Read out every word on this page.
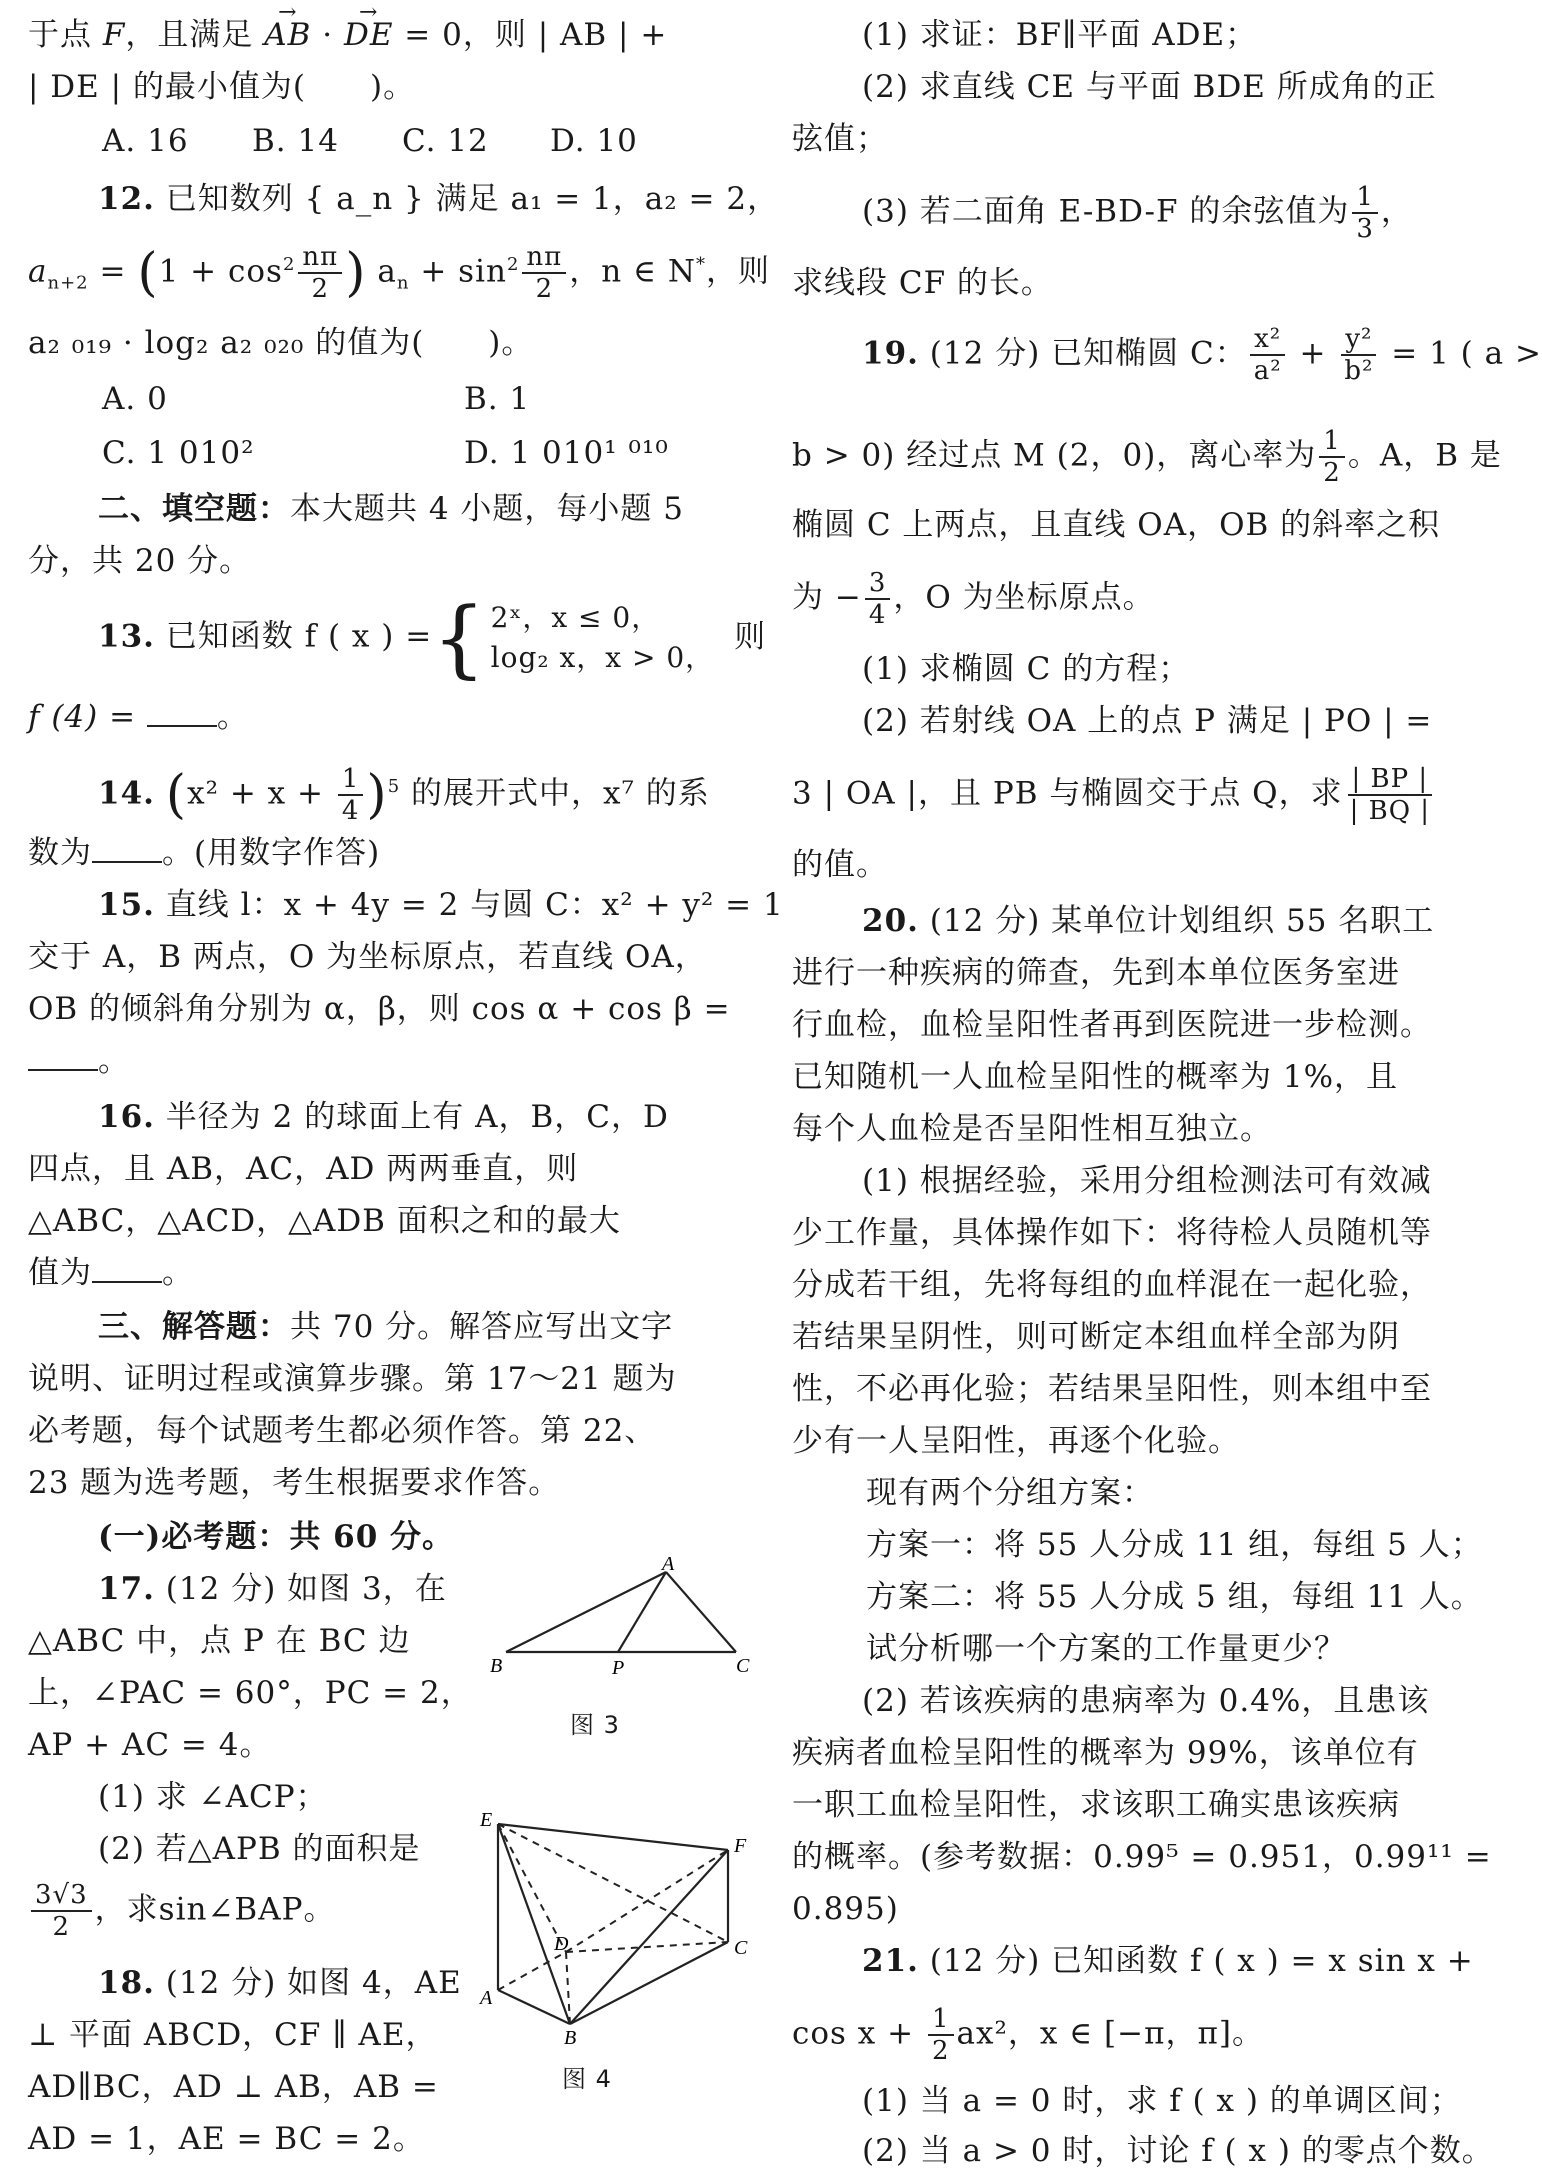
于点 F，且满足 → AB · → DE = 0，则 | AB | +
| DE | 的最小值为(　　)。
A. 16 B. 14 C. 12 D. 10
12. 已知数列 { a_n } 满足 a₁ = 1，a₂ = 2，
$a_{n+2} = (1 + \cos^2 \frac{n\pi}{2}$ ) $a_n + \sin^2 \frac{n\pi}{2}$ ，n ∈ N*，则
a₂ ₀₁₉ · log₂ a₂ ₀₂₀ 的值为(　　)。
A. 0	B. 1
C. 1 010²	D. 1 010¹ ⁰¹⁰
二、填空题：本大题共 4 小题，每小题 5
分，共 20 分。
13. 已知函数 f ( x ) = { 2ˣ，x ≤ 0，
log₂ x，x > 0，
则
f (4) = 。
14. $(x^2 + x + \frac{1}{4} )^5$ 的展开式中，x⁷ 的系
数为 。(用数字作答)
15. 直线 l：x + 4y = 2 与圆 C：x² + y² = 1
交于 A，B 两点，O 为坐标原点，若直线 OA，
OB 的倾斜角分别为 α，β，则 cos α + cos β =
。
16. 半径为 2 的球面上有 A，B，C，D
四点，且 AB，AC，AD 两两垂直，则
△ABC，△ACD，△ADB 面积之和的最大
值为 。
三、解答题：共 70 分。解答应写出文字
说明、证明过程或演算步骤。第 17～21 题为
必考题，每个试题考生都必须作答。第 22、
23 题为选考题，考生根据要求作答。
(一)必考题：共 60 分。
17. (12 分) 如图 3，在
△ABC 中，点 P 在 BC 边
上，∠PAC = 60°，PC = 2，
AP + AC = 4。
(1) 求 ∠ACP；
(2) 若△APB 的面积是
$\frac{3√3}{2}$ ，求sin∠BAP。
18. (12 分) 如图 4，AE
⊥ 平面 ABCD，CF ∥ AE，
AD∥BC，AD ⊥ AB，AB =
AD = 1，AE = BC = 2。
A
B	P	C
图 3
E
F
D	C
A
B
图 4
(1) 求证：BF∥平面 ADE；
(2) 求直线 CE 与平面 BDE 所成角的正
弦值；
(3) 若二面角 E-BD-F 的余弦值为 $\frac{1}{3}$ ，
求线段 CF 的长。
19. (12 分) 已知椭圆 C： $\frac{\text{x²}}{\text{a²}} + \frac{\text{y²}}{\text{b²}} = 1$ ( a >
b > 0) 经过点 M (2，0)，离心率为 $\frac{1}{2}$ 。A，B 是
椭圆 C 上两点，且直线 OA，OB 的斜率之积
为 − $\frac{3}{4}$ ，O 为坐标原点。
(1) 求椭圆 C 的方程；
(2) 若射线 OA 上的点 P 满足 | PO | =
3 | OA |，且 PB 与椭圆交于点 Q，求 $\frac{| BP |}{| BQ |}$
的值。
20. (12 分) 某单位计划组织 55 名职工
进行一种疾病的筛查，先到本单位医务室进
行血检，血检呈阳性者再到医院进一步检测。
已知随机一人血检呈阳性的概率为 1%，且
每个人血检是否呈阳性相互独立。
(1) 根据经验，采用分组检测法可有效减
少工作量，具体操作如下：将待检人员随机等
分成若干组，先将每组的血样混在一起化验，
若结果呈阴性，则可断定本组血样全部为阴
性，不必再化验；若结果呈阳性，则本组中至
少有一人呈阳性，再逐个化验。
现有两个分组方案：
方案一：将 55 人分成 11 组，每组 5 人；
方案二：将 55 人分成 5 组，每组 11 人。
试分析哪一个方案的工作量更少？
(2) 若该疾病的患病率为 0.4%，且患该
疾病者血检呈阳性的概率为 99%，该单位有
一职工血检呈阳性，求该职工确实患该疾病
的概率。(参考数据：0.99⁵ = 0.951，0.99¹¹ =
0.895)
21. (12 分) 已知函数 f ( x ) = x sin x +
$\cos x + \frac{1}{2} ax^2$，x ∈ [−π，π]。
(1) 当 a = 0 时，求 f ( x ) 的单调区间；
(2) 当 a > 0 时，讨论 f ( x ) 的零点个数。
